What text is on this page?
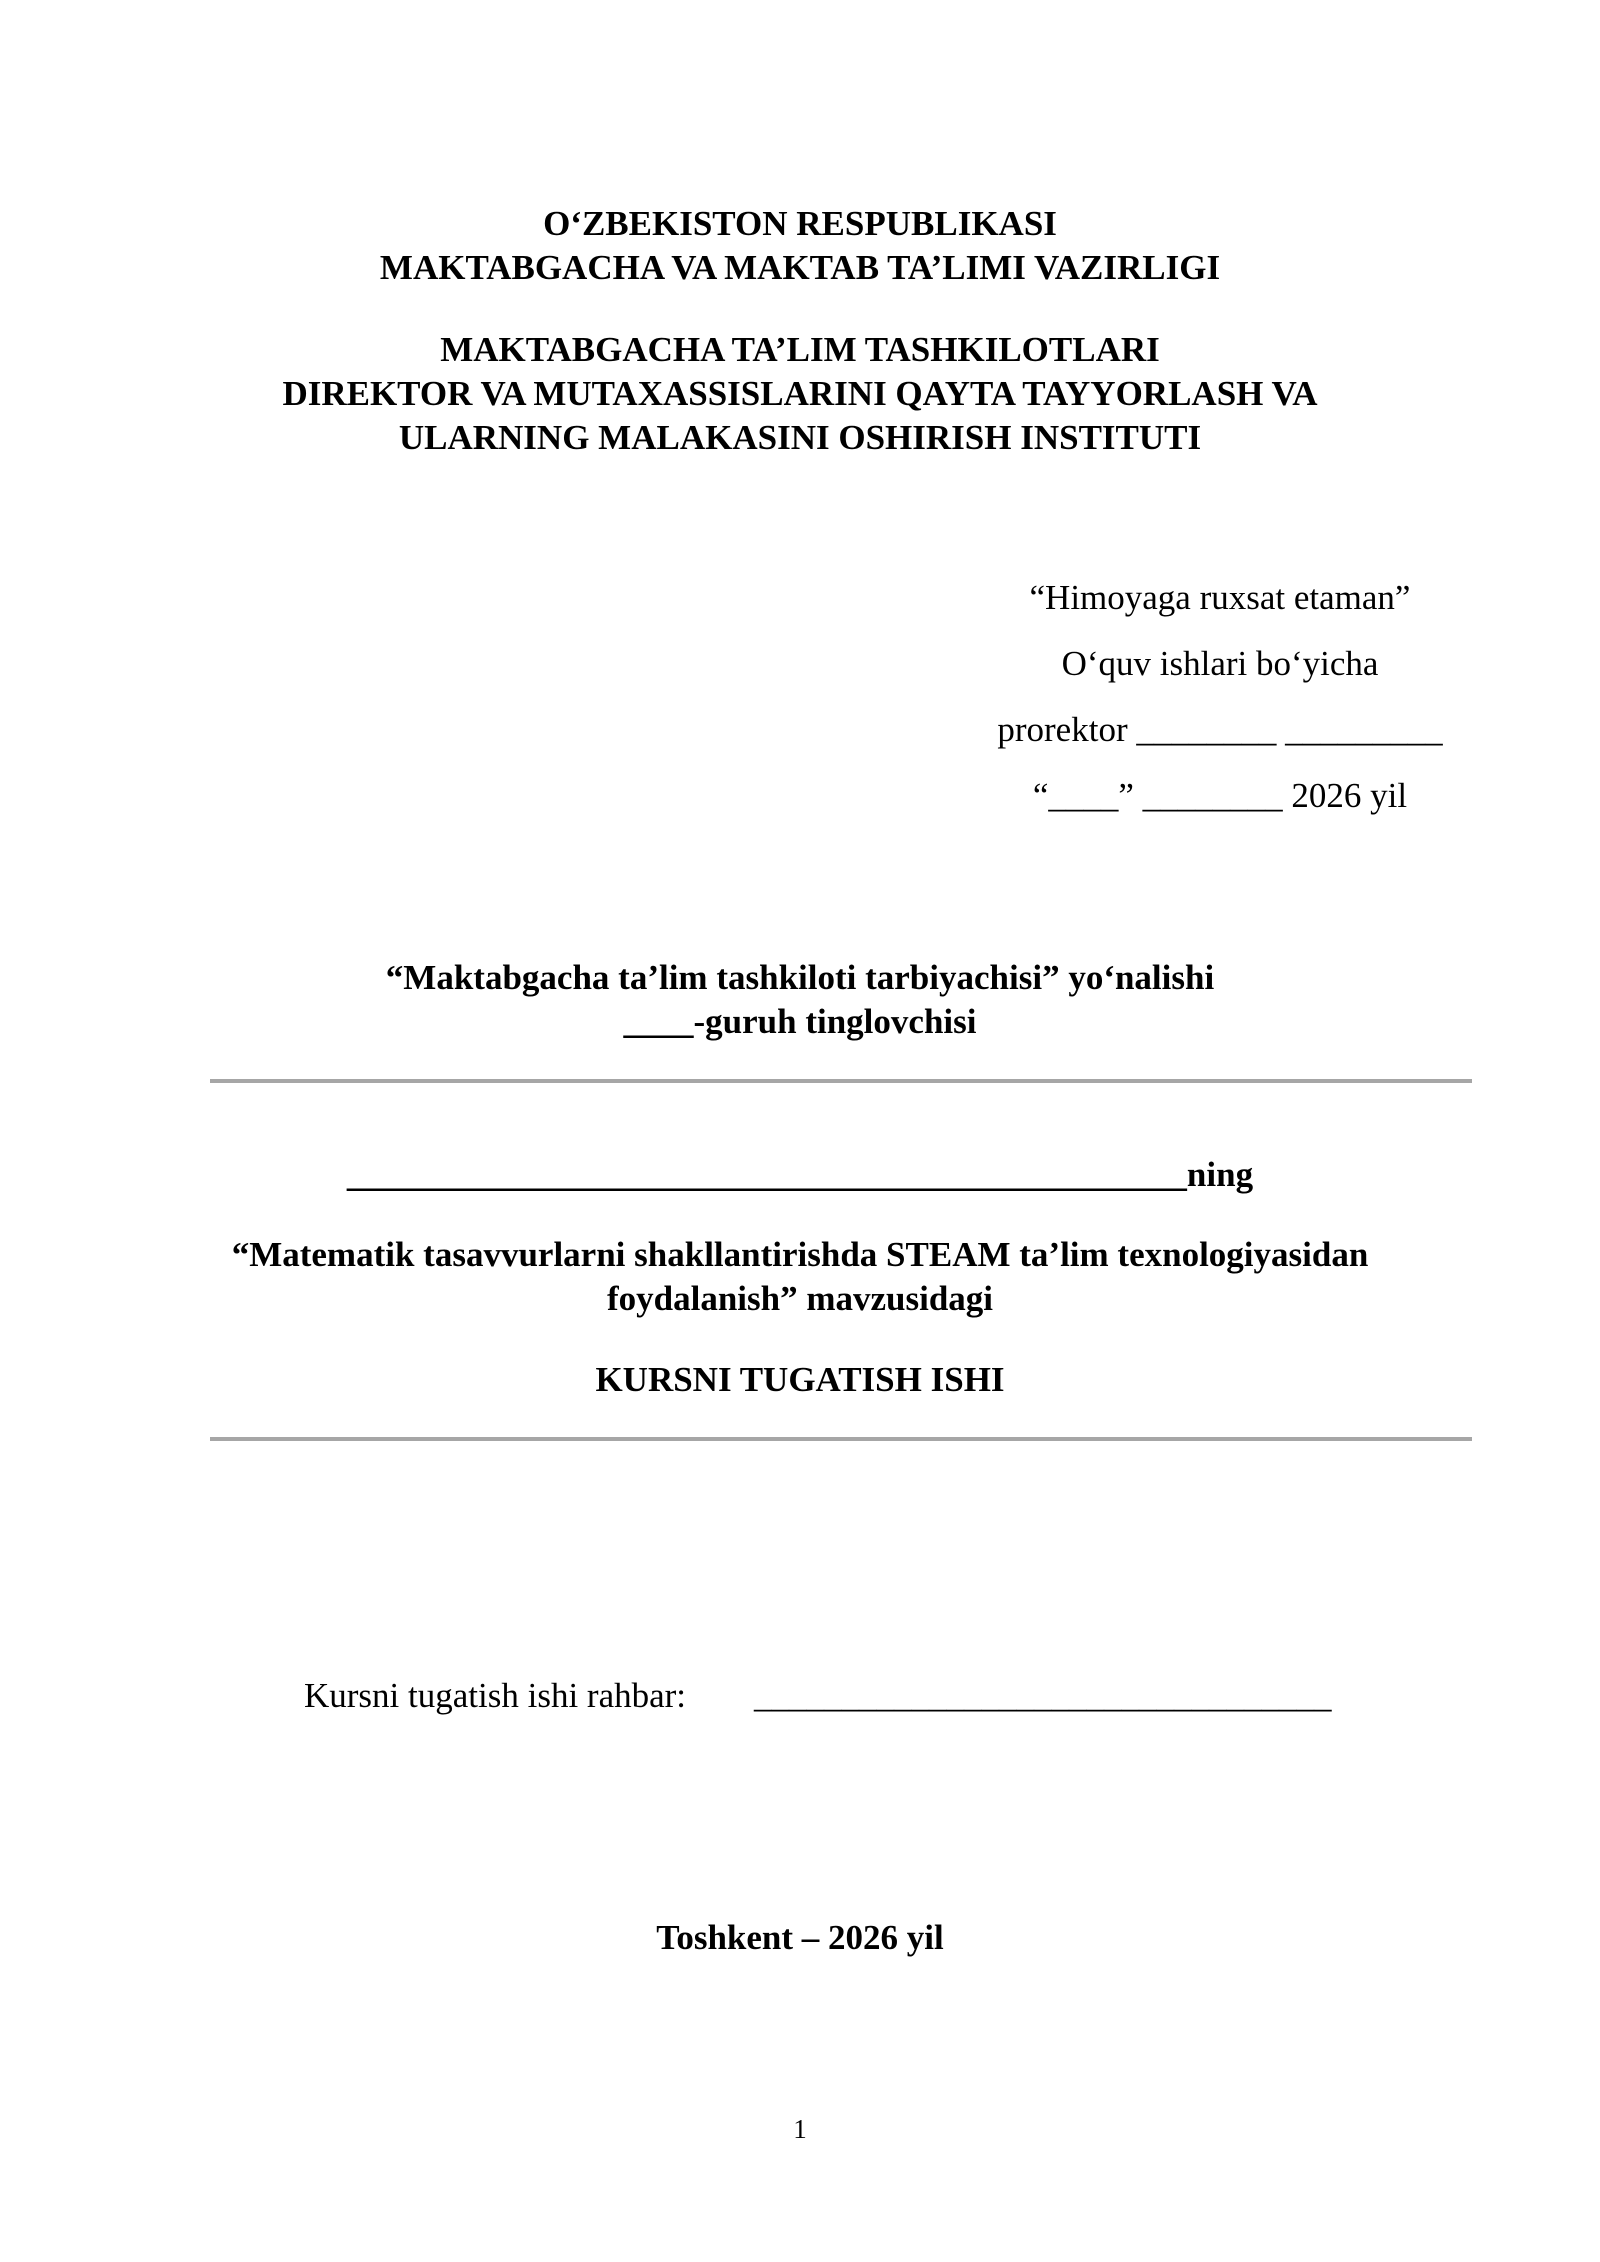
O‘ZBEKISTON RESPUBLIKASI
MAKTABGACHA VA MAKTAB TA’LIMI VAZIRLIGI
MAKTABGACHA TA’LIM TASHKILOTLARI
DIREKTOR VA MUTAXASSISLARINI QAYTA TAYYORLASH VA
ULARNING MALAKASINI OSHIRISH INSTITUTI
“Himoyaga ruxsat etaman”
O‘quv ishlari bo‘yicha
prorektor ________ _________
“____” ________ 2026 yil
“Maktabgacha ta’lim tashkiloti tarbiyachisi” yo‘nalishi
____-guruh tinglovchisi
________________________________________________ning
“Matematik tasavvurlarni shakllantirishda STEAM ta’lim texnologiyasidan
foydalanish” mavzusidagi
KURSNI TUGATISH ISHI
Kursni tugatish ishi rahbar: _________________________________
Toshkent – 2026 yil
1
